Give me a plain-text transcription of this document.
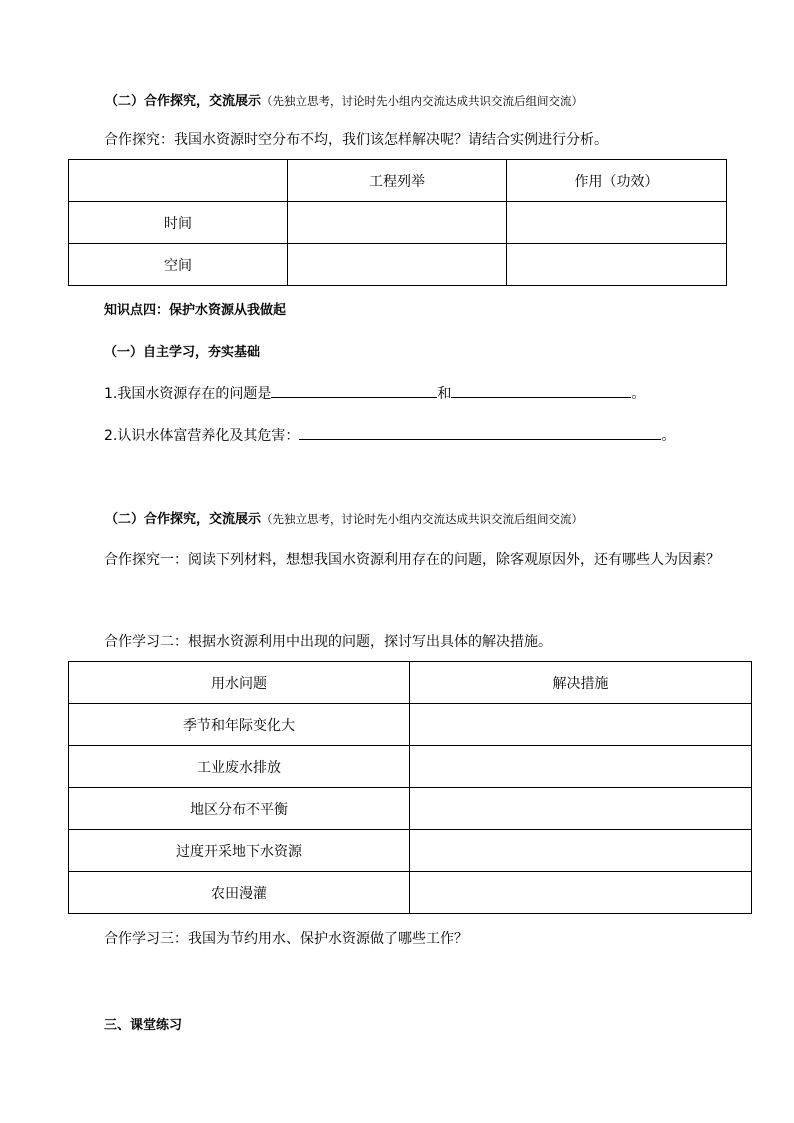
（二）合作探究，交流展示（先独立思考，讨论时先小组内交流达成共识交流后组间交流）
合作探究：我国水资源时空分布不均，我们该怎样解决呢？请结合实例进行分析。
	工程列举	作用（功效）
时间		
空间		
知识点四：保护水资源从我做起
（一）自主学习，夯实基础
1.我国水资源存在的问题是	和	。
2.认识水体富营养化及其危害：	。
（二）合作探究，交流展示（先独立思考，讨论时先小组内交流达成共识交流后组间交流）
合作探究一：阅读下列材料，想想我国水资源利用存在的问题，除客观原因外，还有哪些人为因素？
合作学习二：根据水资源利用中出现的问题，探讨写出具体的解决措施。
用水问题	解决措施
季节和年际变化大	
工业废水排放	
地区分布不平衡	
过度开采地下水资源	
农田漫灌	
合作学习三：我国为节约用水、保护水资源做了哪些工作？
三、课堂练习
